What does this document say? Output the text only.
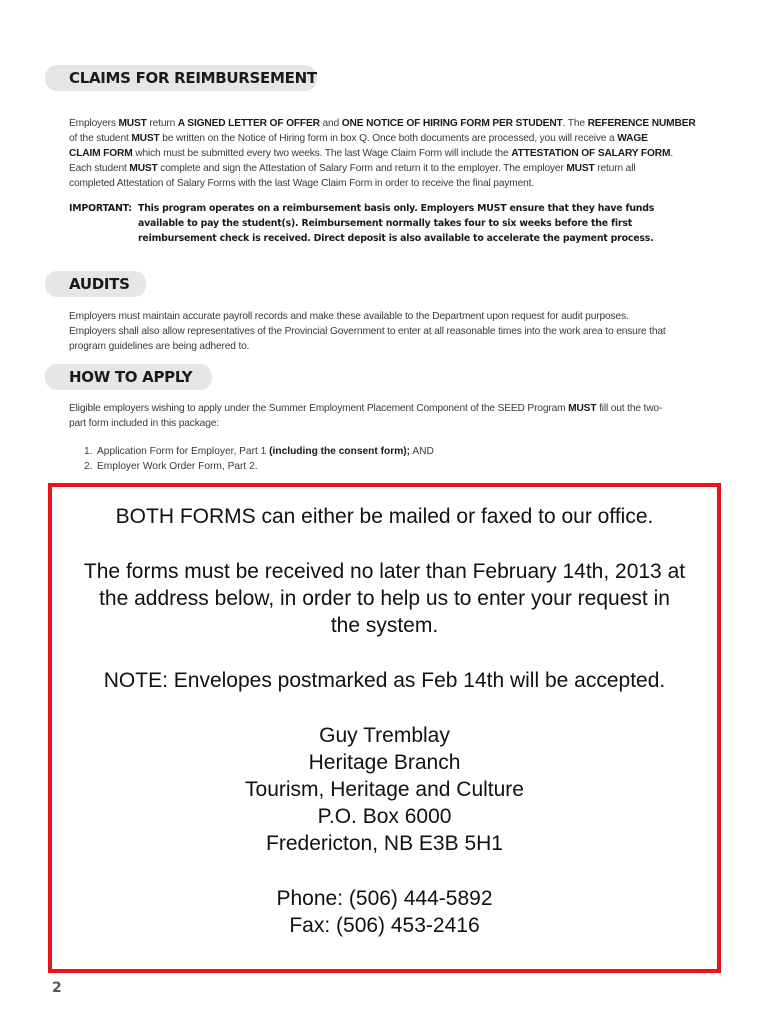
CLAIMS FOR REIMBURSEMENT
Employers MUST return A SIGNED LETTER OF OFFER and ONE NOTICE OF HIRING FORM PER STUDENT. The REFERENCE NUMBER
of the student MUST be written on the Notice of Hiring form in box Q. Once both documents are processed, you will receive a WAGE
CLAIM FORM which must be submitted every two weeks. The last Wage Claim Form will include the ATTESTATION OF SALARY FORM.
Each student MUST complete and sign the Attestation of Salary Form and return it to the employer. The employer MUST return all
completed Attestation of Salary Forms with the last Wage Claim Form in order to receive the final payment.
IMPORTANT: This program operates on a reimbursement basis only. Employers MUST ensure that they have funds
available to pay the student(s). Reimbursement normally takes four to six weeks before the first
reimbursement check is received. Direct deposit is also available to accelerate the payment process.
AUDITS
Employers must maintain accurate payroll records and make these available to the Department upon request for audit purposes.
Employers shall also allow representatives of the Provincial Government to enter at all reasonable times into the work area to ensure that
program guidelines are being adhered to.
HOW TO APPLY
Eligible employers wishing to apply under the Summer Employment Placement Component of the SEED Program MUST fill out the two-
part form included in this package:
1. Application Form for Employer, Part 1 (including the consent form); AND
2. Employer Work Order Form, Part 2.

BOTH FORMS can either be mailed or faxed to our office.

The forms must be received no later than February 14th, 2013 at

the address below, in order to help us to enter your request in

the system.

NOTE: Envelopes postmarked as Feb 14th will be accepted.

Guy Tremblay

Heritage Branch

Tourism, Heritage and Culture

P.O. Box 6000

Fredericton, NB E3B 5H1

Phone: (506) 444-5892

Fax: (506) 453-2416

2
